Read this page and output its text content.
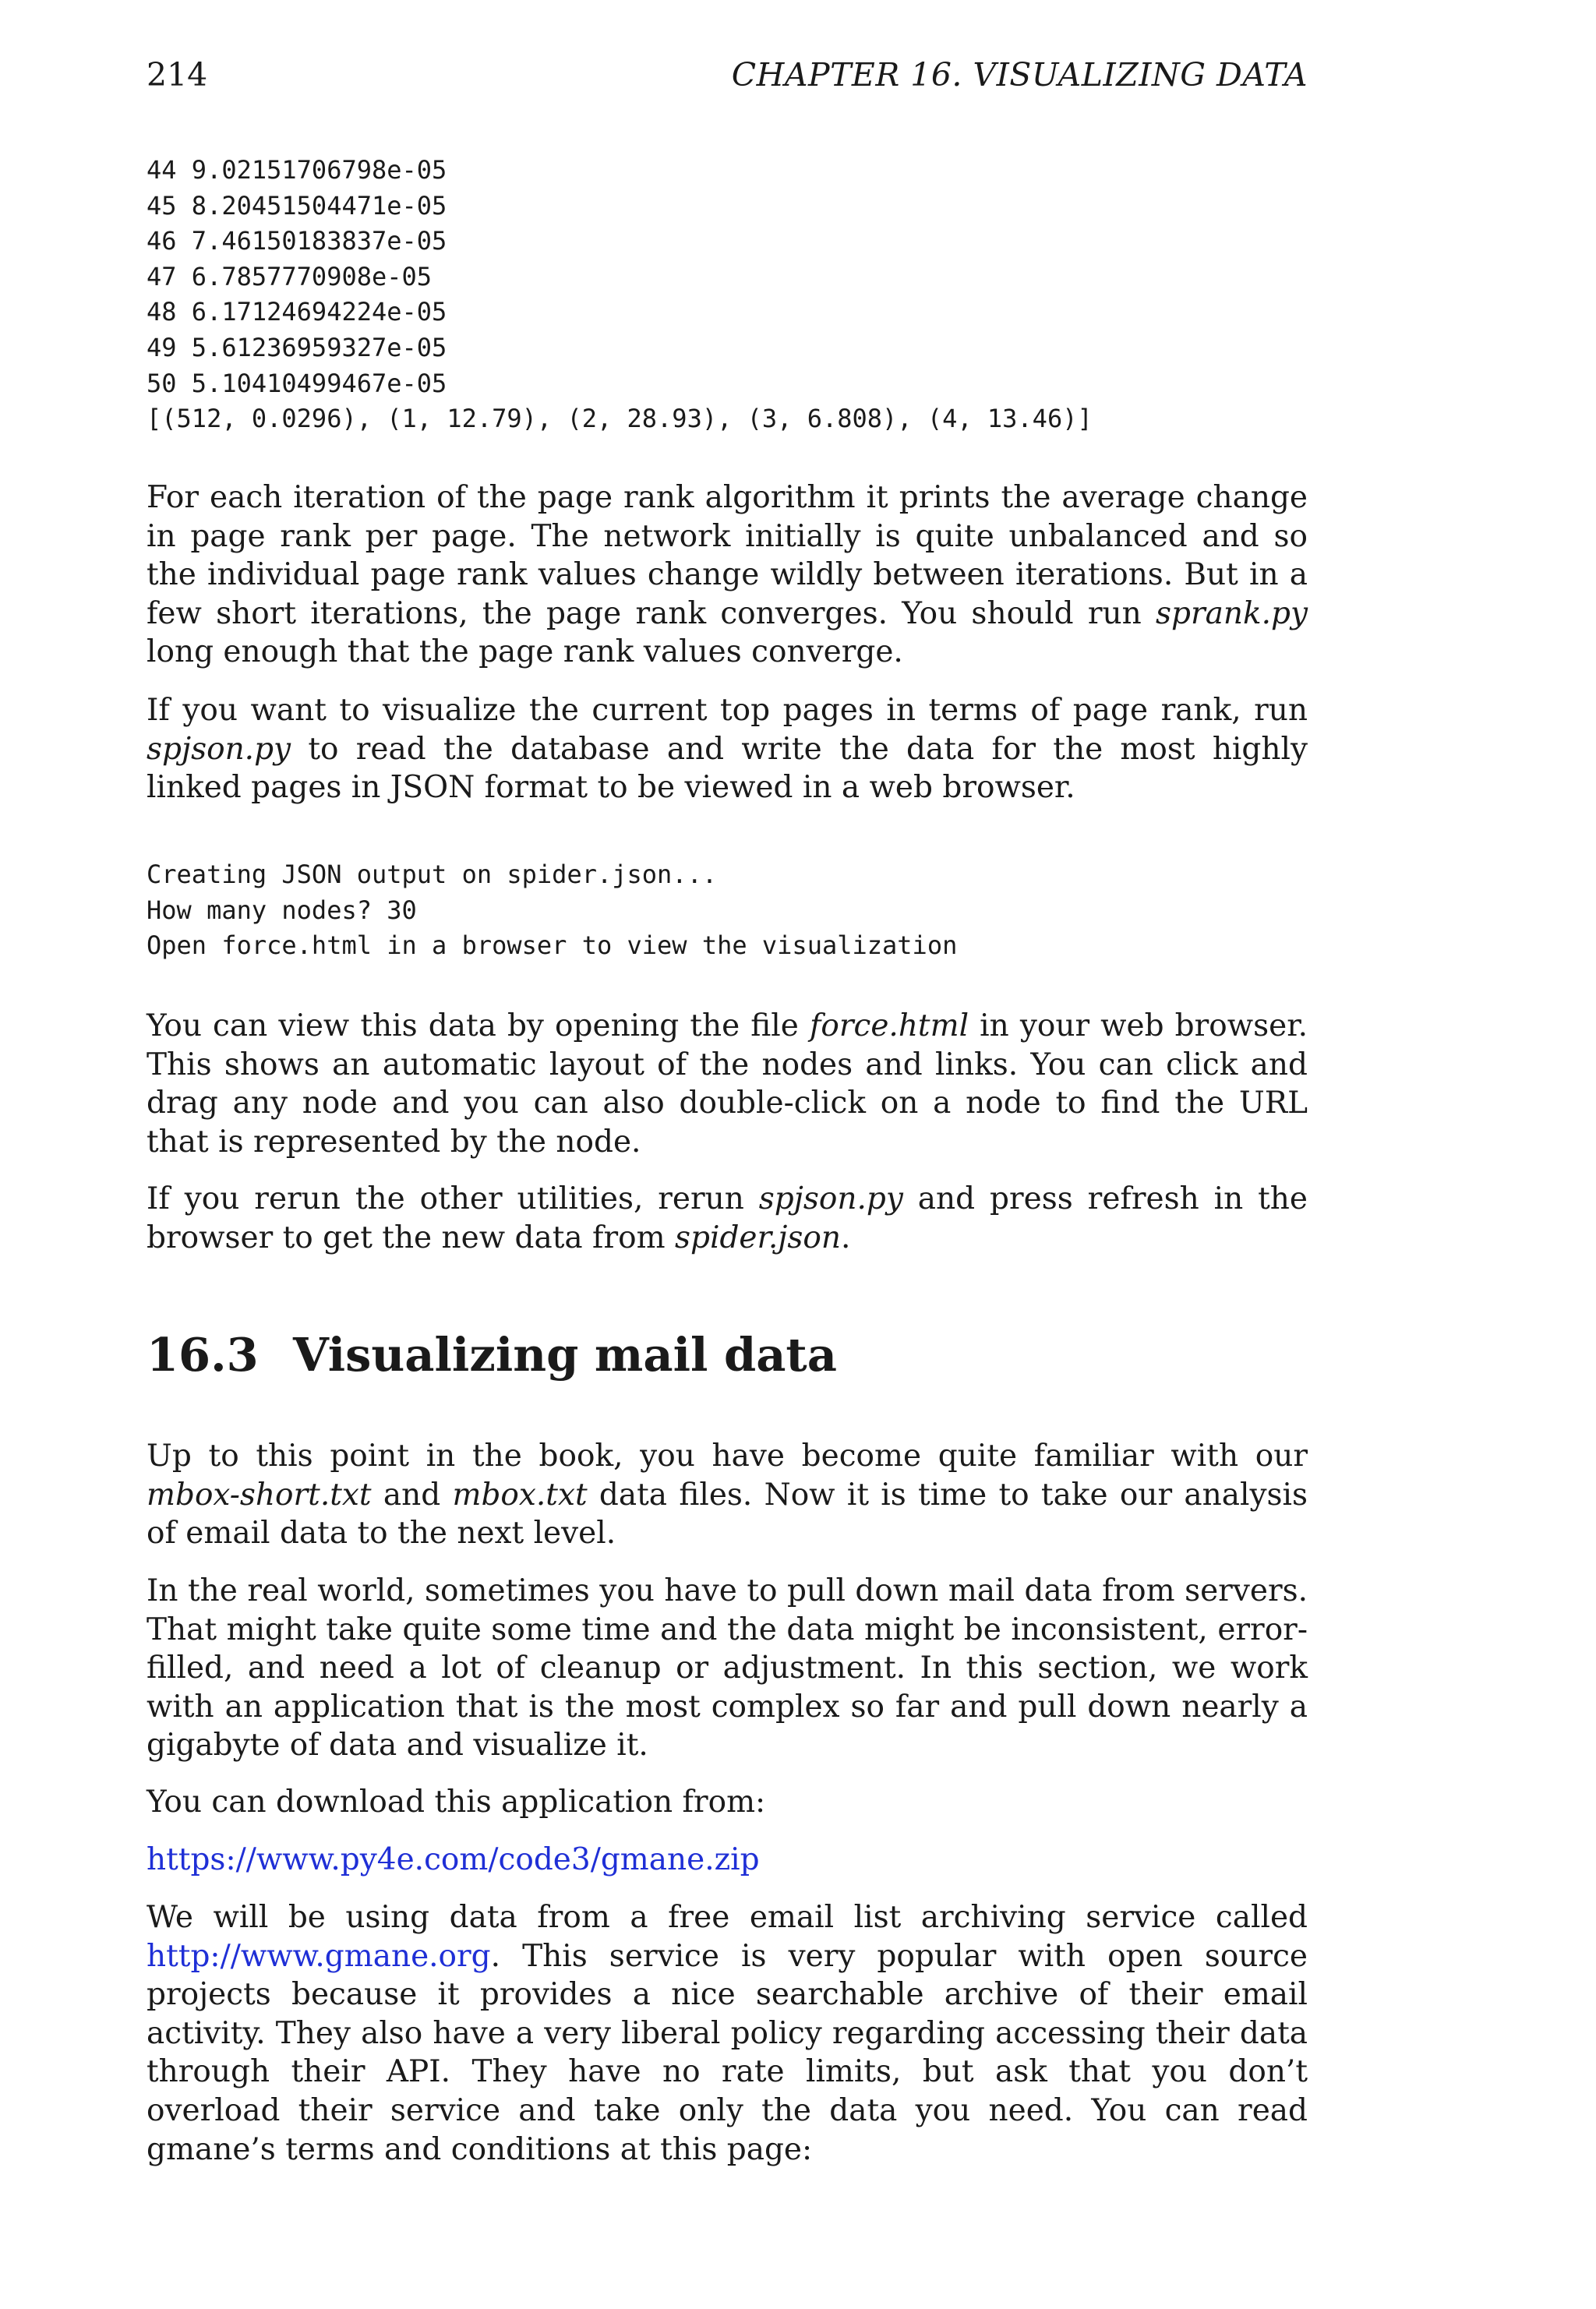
214	CHAPTER 16. VISUALIZING DATA
44 9.02151706798e-05
45 8.20451504471e-05
46 7.46150183837e-05
47 6.7857770908e-05
48 6.17124694224e-05
49 5.61236959327e-05
50 5.10410499467e-05
[(512, 0.0296), (1, 12.79), (2, 28.93), (3, 6.808), (4, 13.46)]

For each iteration of the page rank algorithm it prints the average change in page rank per page. The network initially is quite unbalanced and so the individual page rank values change wildly between iterations. But in a few short iterations, the page rank converges. You should run sprank.py long enough that the page rank values converge.

If you want to visualize the current top pages in terms of page rank, run spjson.py to read the database and write the data for the most highly linked pages in JSON format to be viewed in a web browser.

Creating JSON output on spider.json...
How many nodes? 30
Open force.html in a browser to view the visualization

You can view this data by opening the file force.html in your web browser. This shows an automatic layout of the nodes and links. You can click and drag any node and you can also double-click on a node to find the URL that is represented by the node.

If you rerun the other utilities, rerun spjson.py and press refresh in the browser to get the new data from spider.json.

16.3 Visualizing mail data

Up to this point in the book, you have become quite familiar with our mbox-short.txt and mbox.txt data files. Now it is time to take our analysis of email data to the next level.

In the real world, sometimes you have to pull down mail data from servers. That might take quite some time and the data might be inconsistent, error-filled, and need a lot of cleanup or adjustment. In this section, we work with an application that is the most complex so far and pull down nearly a gigabyte of data and visualize it.

You can download this application from:

https://www.py4e.com/code3/gmane.zip

We will be using data from a free email list archiving service called http://www.gmane.org. This service is very popular with open source projects because it provides a nice searchable archive of their email activity. They also have a very liberal policy regarding accessing their data through their API. They have no rate limits, but ask that you don’t overload their service and take only the data you need. You can read gmane’s terms and conditions at this page:
